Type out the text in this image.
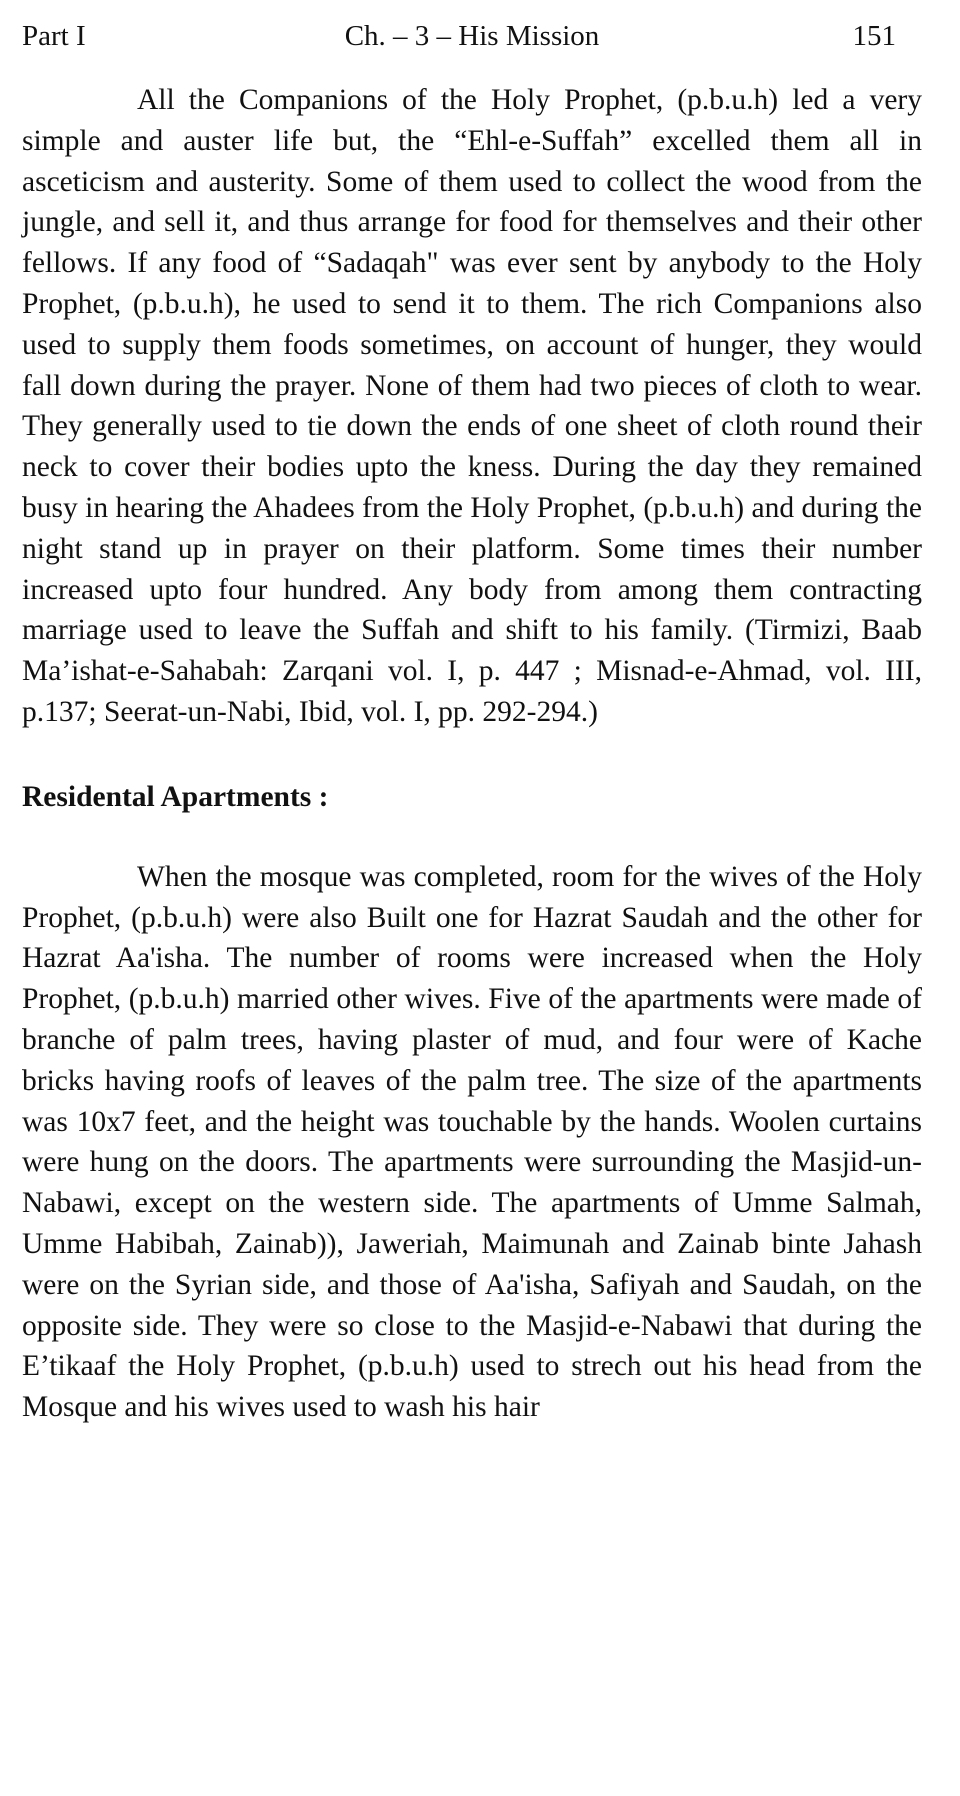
Part I	Ch. – 3 – His Mission	151

All the Companions of the Holy Prophet, (p.b.u.h) led a very simple and auster life but, the “Ehl-e-Suffah” excelled them all in asceticism and austerity. Some of them used to collect the wood from the jungle, and sell it, and thus arrange for food for themselves and their other fellows. If any food of “Sadaqah" was ever sent by anybody to the Holy Prophet, (p.b.u.h), he used to send it to them. The rich Companions also used to supply them foods sometimes, on account of hunger, they would fall down during the prayer. None of them had two pieces of cloth to wear. They generally used to tie down the ends of one sheet of cloth round their neck to cover their bodies upto the kness. During the day they remained busy in hearing the Ahadees from the Holy Prophet, (p.b.u.h) and during the night stand up in prayer on their platform. Some times their number increased upto four hundred. Any body from among them contracting marriage used to leave the Suffah and shift to his family. (Tirmizi, Baab Ma’ishat-e-Sahabah: Zarqani vol. I, p. 447 ; Misnad-e-Ahmad, vol. III, p.137; Seerat-un-Nabi, Ibid, vol. I, pp. 292-294.)

Residental Apartments :

When the mosque was completed, room for the wives of the Holy Prophet, (p.b.u.h) were also Built one for Hazrat Saudah and the other for Hazrat Aa'isha. The number of rooms were increased when the Holy Prophet, (p.b.u.h) married other wives. Five of the apartments were made of branche of palm trees, having plaster of mud, and four were of Kache bricks having roofs of leaves of the palm tree. The size of the apartments was 10x7 feet, and the height was touchable by the hands. Woolen curtains were hung on the doors. The apartments were surrounding the Masjid-un-Nabawi, except on the western side. The apartments of Umme Salmah, Umme Habibah, Zainab)), Jaweriah, Maimunah and Zainab binte Jahash were on the Syrian side, and those of Aa'isha, Safiyah and Saudah, on the opposite side. They were so close to the Masjid-e-Nabawi that during the E’tikaaf the Holy Prophet, (p.b.u.h) used to strech out his head from the Mosque and his wives used to wash his hair
